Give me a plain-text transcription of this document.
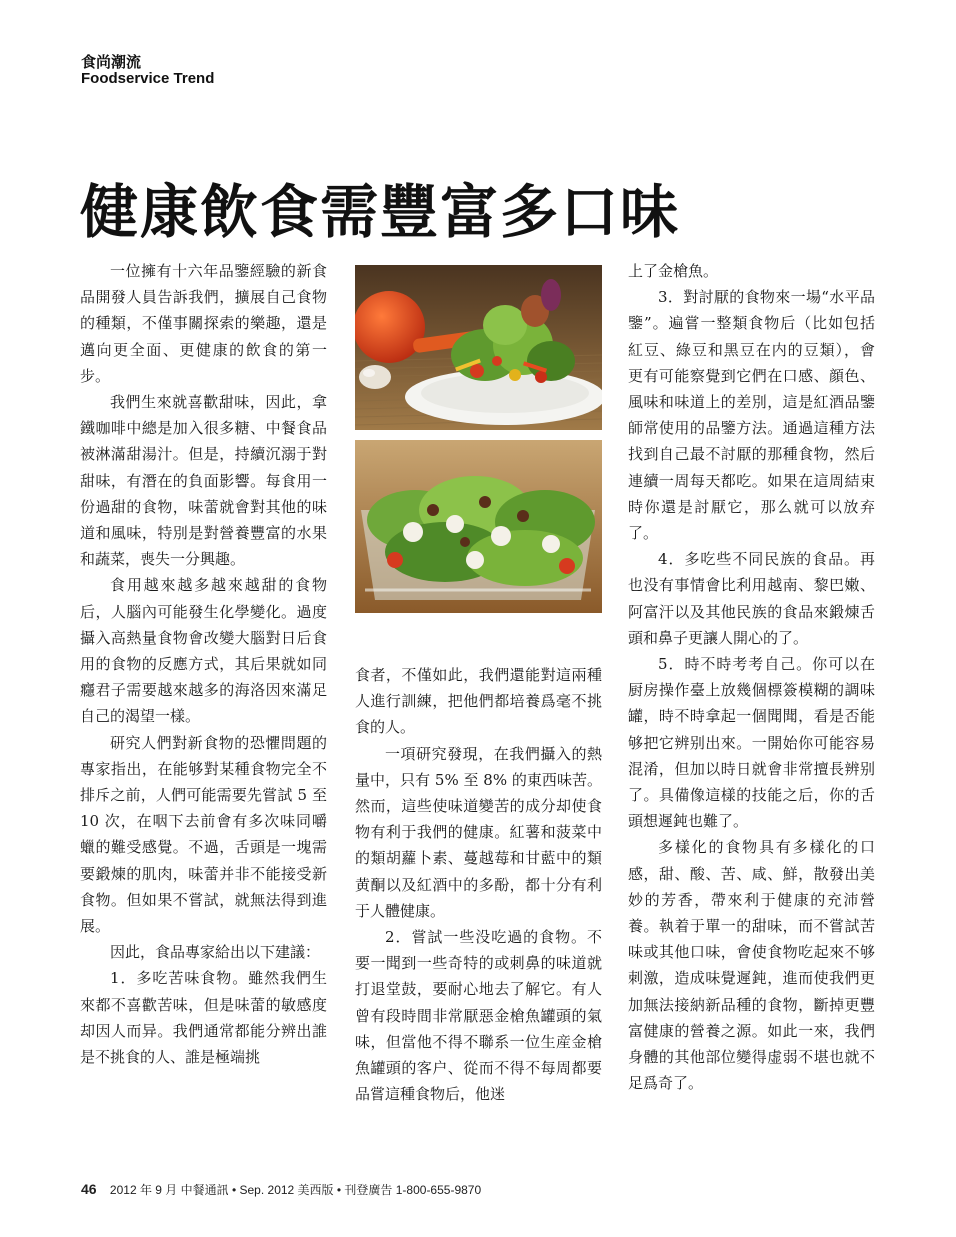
食尚潮流
Foodservice Trend
健康飲食需豐富多口味

一位擁有十六年品鑒經驗的新食品開發人員告訴我們，擴展自己食物的種類，不僅事關探索的樂趣，還是邁向更全面、更健康的飲食的第一步。

我們生來就喜歡甜味，因此，拿鐵咖啡中總是加入很多糖、中餐食品被淋滿甜湯汁。但是，持續沉溺于對甜味，有潛在的負面影響。每食用一份過甜的食物，味蕾就會對其他的味道和風味，特別是對營養豐富的水果和蔬菜，喪失一分興趣。

食用越來越多越來越甜的食物后，人腦內可能發生化學變化。過度攝入高熱量食物會改變大腦對日后食用的食物的反應方式，其后果就如同癮君子需要越來越多的海洛因來滿足自己的渴望一樣。

研究人們對新食物的恐懼問題的專家指出，在能够對某種食物完全不排斥之前，人們可能需要先嘗試 5 至 10 次，在咽下去前會有多次味同嚼蠟的難受感覺。不過，舌頭是一塊需要鍛煉的肌肉，味蕾并非不能接受新食物。但如果不嘗試，就無法得到進展。

因此，食品專家給出以下建議：

1．多吃苦味食物。雖然我們生來都不喜歡苦味，但是味蕾的敏感度却因人而异。我們通常都能分辨出誰是不挑食的人、誰是極端挑

食者，不僅如此，我們還能對這兩種人進行訓練，把他們都培養爲毫不挑食的人。

一項研究發現，在我們攝入的熱量中，只有 5% 至 8% 的東西味苦。然而，這些使味道變苦的成分却使食物有利于我們的健康。紅薯和菠菜中的類胡蘿卜素、蔓越莓和甘藍中的類黄酮以及紅酒中的多酚，都十分有利于人體健康。

2．嘗試一些没吃過的食物。不要一聞到一些奇特的或刺鼻的味道就打退堂鼓，要耐心地去了解它。有人曾有段時間非常厭惡金槍魚罐頭的氣味，但當他不得不聯系一位生産金槍魚罐頭的客户、從而不得不每周都要品嘗這種食物后，他迷

上了金槍魚。

3．對討厭的食物來一場“水平品鑒”。遍嘗一整類食物后（比如包括紅豆、綠豆和黑豆在内的豆類），會更有可能察覺到它們在口感、顔色、風味和味道上的差別，這是紅酒品鑒師常使用的品鑒方法。通過這種方法找到自己最不討厭的那種食物，然后連續一周每天都吃。如果在這周結束時你還是討厭它，那么就可以放弃了。

4．多吃些不同民族的食品。再也没有事情會比利用越南、黎巴嫩、阿富汗以及其他民族的食品來鍛煉舌頭和鼻子更讓人開心的了。

5．時不時考考自己。你可以在厨房操作臺上放幾個標簽模糊的調味罐，時不時拿起一個聞聞，看是否能够把它辨别出來。一開始你可能容易混淆，但加以時日就會非常擅長辨别了。具備像這樣的技能之后，你的舌頭想遲鈍也難了。

多樣化的食物具有多樣化的口感，甜、酸、苦、咸、鮮，散發出美妙的芳香，帶來利于健康的充沛營養。執着于單一的甜味，而不嘗試苦味或其他口味，會使食物吃起來不够刺激，造成味覺遲鈍，進而使我們更加無法接納新品種的食物，斷掉更豐富健康的營養之源。如此一來，我們身體的其他部位變得虚弱不堪也就不足爲奇了。

46 2012 年 9 月 中餐通訊 • Sep. 2012 美西版 • 刊登廣告 1-800-655-9870
